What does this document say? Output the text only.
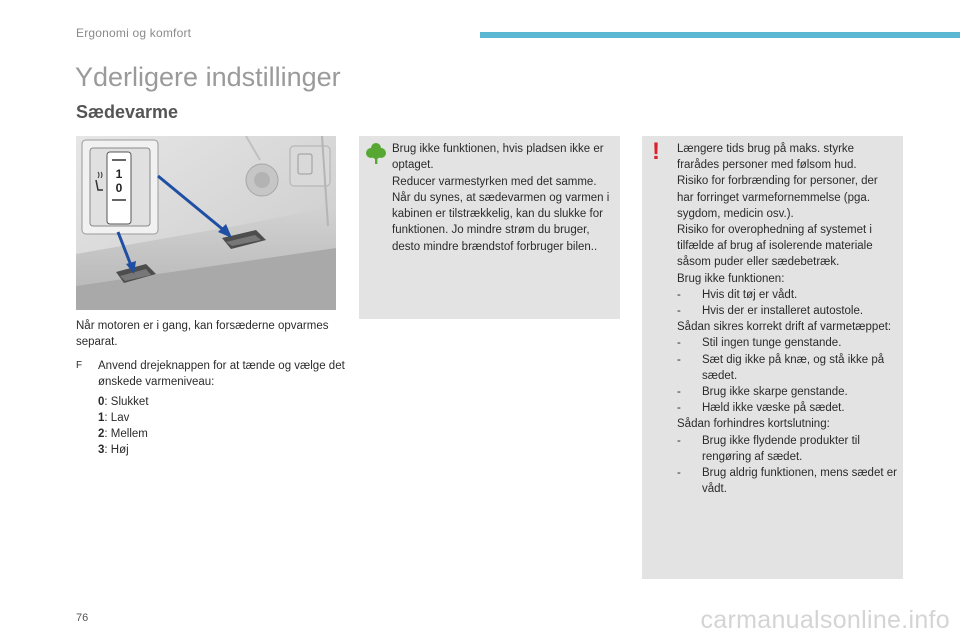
Ergonomi og komfort
Yderligere indstillinger
Sædevarme
1
0

Når motoren er i gang, kan forsæderne opvarmes separat.

F	Anvend drejeknappen for at tænde og vælge det ønskede varmeniveau:
0: Slukket
1: Lav
2: Mellem
3: Høj
Brug ikke funktionen, hvis pladsen ikke er optaget.
Reducer varmestyrken med det samme.
Når du synes, at sædevarmen og varmen i kabinen er tilstrækkelig, kan du slukke for funktionen. Jo mindre strøm du bruger, desto mindre brændstof forbruger bilen..
Længere tids brug på maks. styrke frarådes personer med følsom hud.
Risiko for forbrænding for personer, der har forringet varmefornemmelse (pga. sygdom, medicin osv.).
Risiko for overophedning af systemet i tilfælde af brug af isolerende materiale såsom puder eller sædebetræk.
Brug ikke funktionen:
- Hvis dit tøj er vådt.
- Hvis der er installeret autostole.
Sådan sikres korrekt drift af varmetæppet:
- Stil ingen tunge genstande.
- Sæt dig ikke på knæ, og stå ikke på sædet.
- Brug ikke skarpe genstande.
- Hæld ikke væske på sædet.
Sådan forhindres kortslutning:
- Brug ikke flydende produkter til rengøring af sædet.
- Brug aldrig funktionen, mens sædet er vådt.
!
76	carmanualsonline.info
